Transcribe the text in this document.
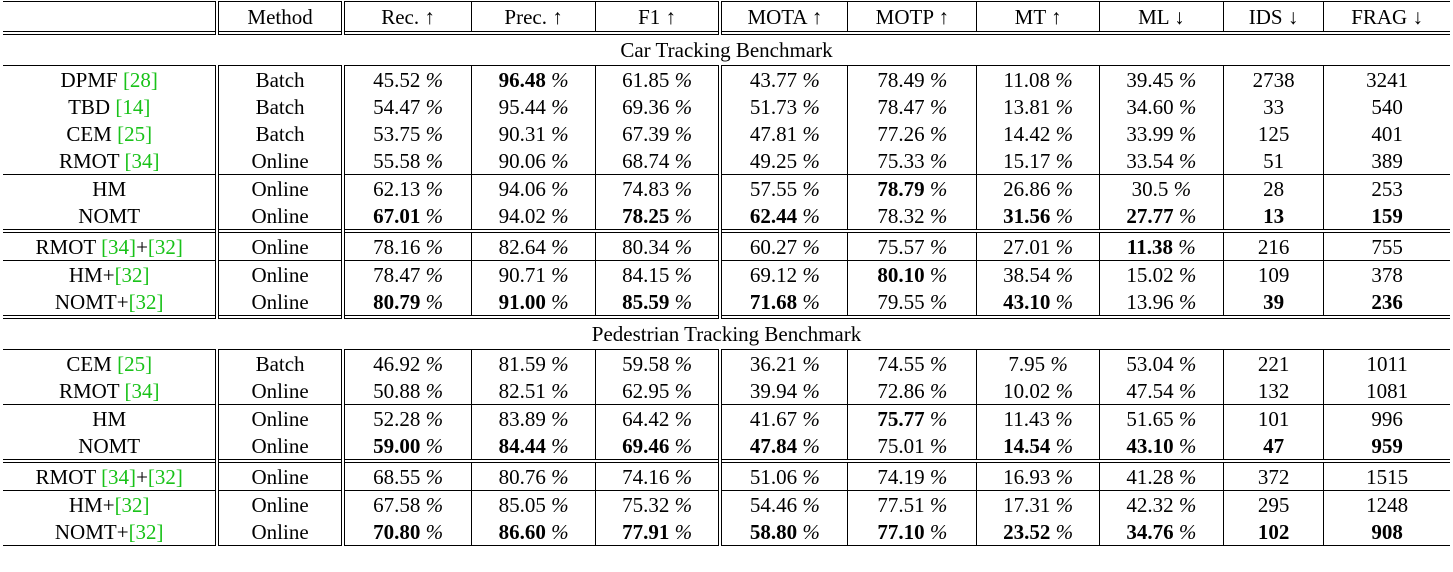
	Method	Rec. ↑	Prec. ↑	F1 ↑	MOTA ↑	MOTP ↑	MT ↑	ML ↓	IDS ↓	FRAG ↓
Car Tracking Benchmark										
DPMF [28]	Batch	45.52 %	96.48 %	61.85 %	43.77 %	78.49 %	11.08 %	39.45 %	2738	3241
TBD [14]	Batch	54.47 %	95.44 %	69.36 %	51.73 %	78.47 %	13.81 %	34.60 %	33	540
CEM [25]	Batch	53.75 %	90.31 %	67.39 %	47.81 %	77.26 %	14.42 %	33.99 %	125	401
RMOT [34]	Online	55.58 %	90.06 %	68.74 %	49.25 %	75.33 %	15.17 %	33.54 %	51	389
HM	Online	62.13 %	94.06 %	74.83 %	57.55 %	78.79 %	26.86 %	30.5 %	28	253
NOMT	Online	67.01 %	94.02 %	78.25 %	62.44 %	78.32 %	31.56 %	27.77 %	13	159
RMOT [34]+[32]	Online	78.16 %	82.64 %	80.34 %	60.27 %	75.57 %	27.01 %	11.38 %	216	755
HM+[32]	Online	78.47 %	90.71 %	84.15 %	69.12 %	80.10 %	38.54 %	15.02 %	109	378
NOMT+[32]	Online	80.79 %	91.00 %	85.59 %	71.68 %	79.55 %	43.10 %	13.96 %	39	236
Pedestrian Tracking Benchmark										
CEM [25]	Batch	46.92 %	81.59 %	59.58 %	36.21 %	74.55 %	7.95 %	53.04 %	221	1011
RMOT [34]	Online	50.88 %	82.51 %	62.95 %	39.94 %	72.86 %	10.02 %	47.54 %	132	1081
HM	Online	52.28 %	83.89 %	64.42 %	41.67 %	75.77 %	11.43 %	51.65 %	101	996
NOMT	Online	59.00 %	84.44 %	69.46 %	47.84 %	75.01 %	14.54 %	43.10 %	47	959
RMOT [34]+[32]	Online	68.55 %	80.76 %	74.16 %	51.06 %	74.19 %	16.93 %	41.28 %	372	1515
HM+[32]	Online	67.58 %	85.05 %	75.32 %	54.46 %	77.51 %	17.31 %	42.32 %	295	1248
NOMT+[32]	Online	70.80 %	86.60 %	77.91 %	58.80 %	77.10 %	23.52 %	34.76 %	102	908
